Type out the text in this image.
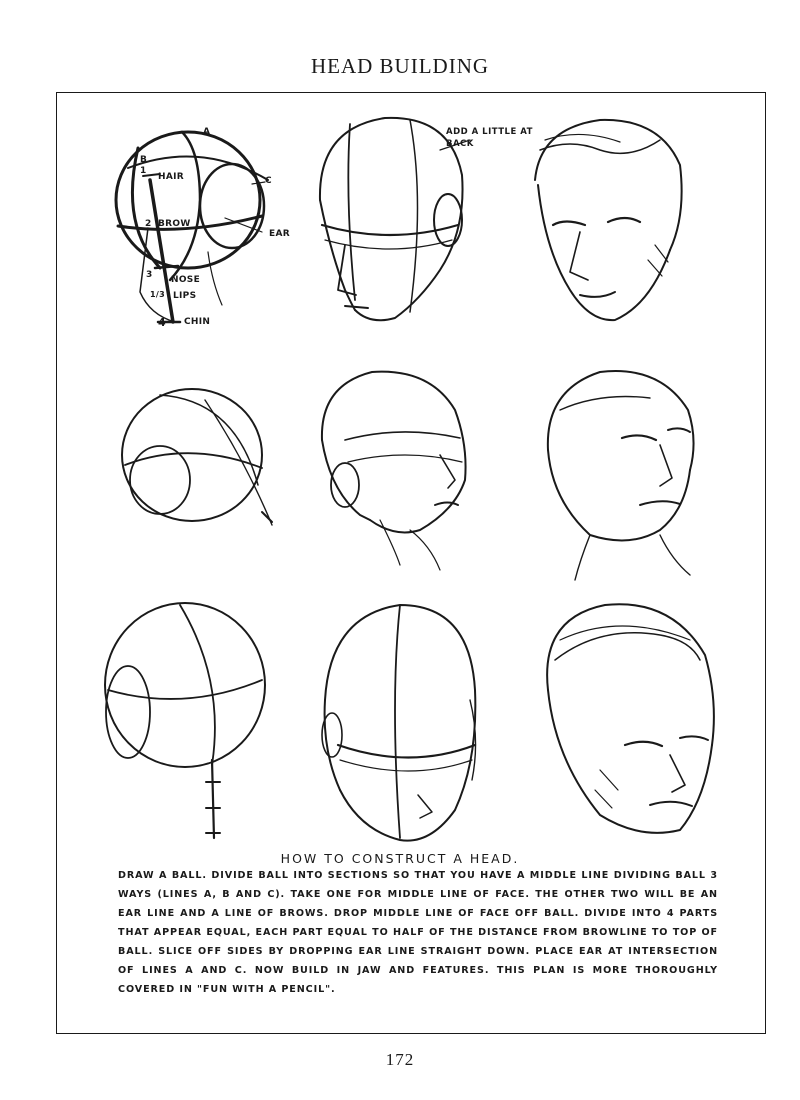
HEAD BUILDING
A
B
C
EAR
1
HAIR
2 BROW
3 NOSE
1/3 LIPS
4 CHIN
ADD A LITTLE AT BACK
HOW TO CONSTRUCT A HEAD.
DRAW A BALL. DIVIDE BALL INTO SECTIONS SO THAT YOU HAVE A MIDDLE LINE DIVIDING BALL 3 WAYS (LINES A, B AND C). TAKE ONE FOR MIDDLE LINE OF FACE. THE OTHER TWO WILL BE AN EAR LINE AND A LINE OF BROWS. DROP MIDDLE LINE OF FACE OFF BALL. DIVIDE INTO 4 PARTS THAT APPEAR EQUAL, EACH PART EQUAL TO HALF OF THE DISTANCE FROM BROWLINE TO TOP OF BALL. SLICE OFF SIDES BY DROPPING EAR LINE STRAIGHT DOWN. PLACE EAR AT INTERSECTION OF LINES A AND C. NOW BUILD IN JAW AND FEATURES. THIS PLAN IS MORE THOROUGHLY COVERED IN "FUN WITH A PENCIL".
172
